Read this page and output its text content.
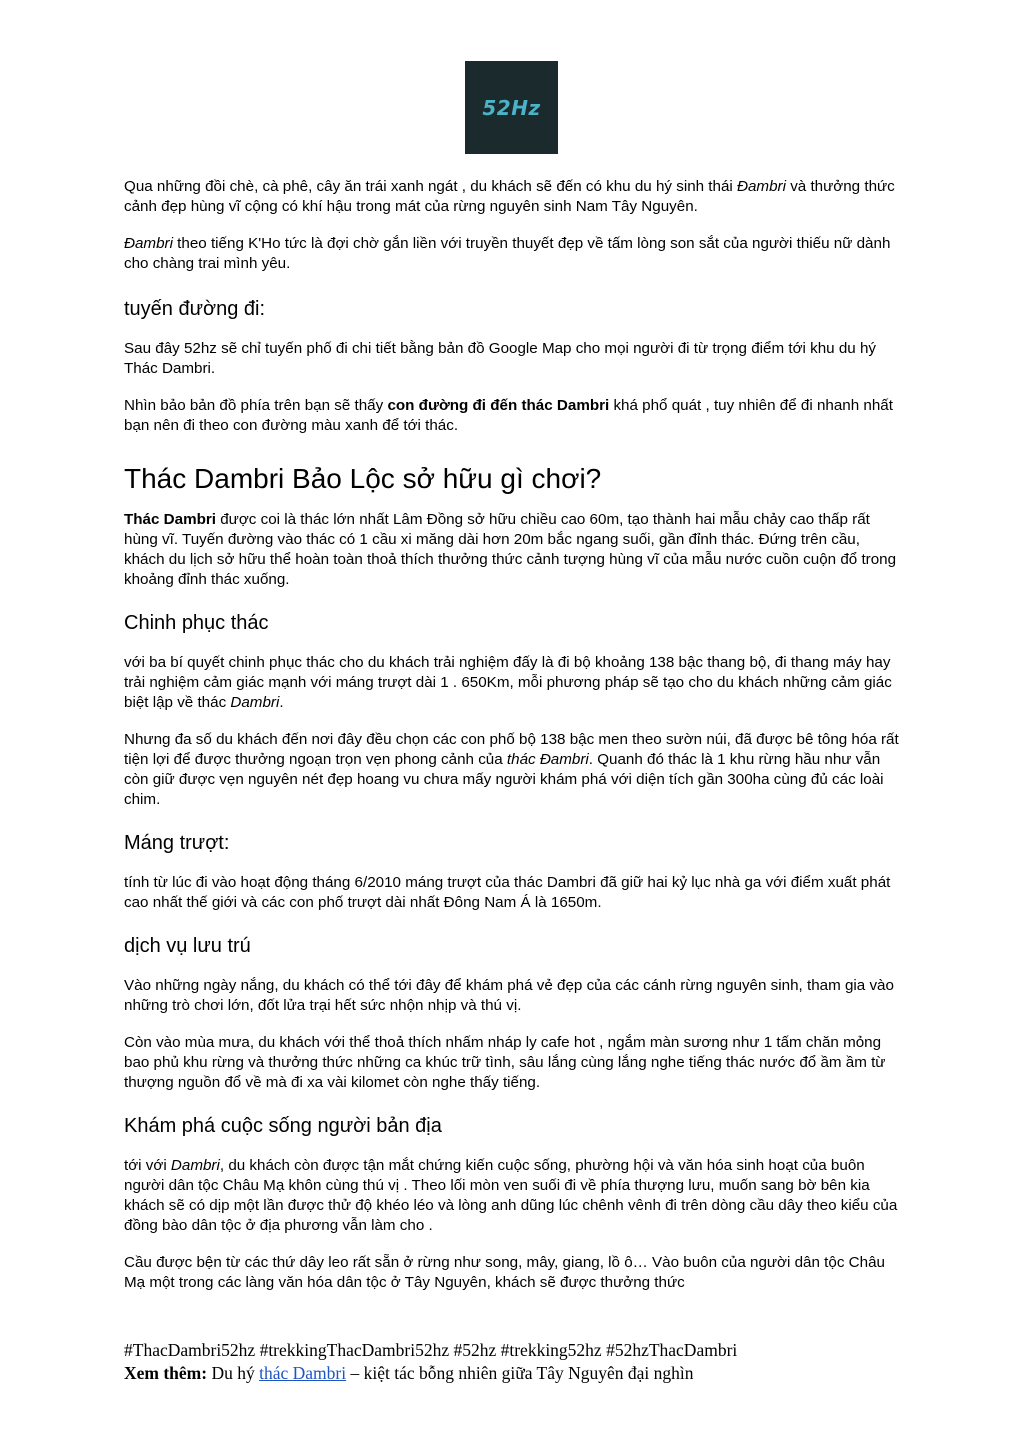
52Hz

Qua những đồi chè, cà phê, cây ăn trái xanh ngát , du khách sẽ đến có khu du hý sinh thái Đambri và thưởng thức cảnh đẹp hùng vĩ cộng có khí hậu trong mát của rừng nguyên sinh Nam Tây Nguyên.

Đambri theo tiếng K'Ho tức là đợi chờ gắn liền với truyền thuyết đẹp về tấm lòng son sắt của người thiếu nữ dành cho chàng trai mình yêu.

tuyến đường đi:

Sau đây 52hz sẽ chỉ tuyến phố đi chi tiết bằng bản đồ Google Map cho mọi người đi từ trọng điểm tới khu du hý Thác Dambri.

Nhìn bảo bản đồ phía trên bạn sẽ thấy con đường đi đến thác Dambri khá phổ quát , tuy nhiên để đi nhanh nhất bạn nên đi theo con đường màu xanh để tới thác.

Thác Dambri Bảo Lộc sở hữu gì chơi?

Thác Dambri được coi là thác lớn nhất Lâm Đồng sở hữu chiều cao 60m, tạo thành hai mẫu chảy cao thấp rất hùng vĩ. Tuyến đường vào thác có 1 cầu xi măng dài hơn 20m bắc ngang suối, gần đỉnh thác. Đứng trên cầu, khách du lịch sở hữu thể hoàn toàn thoả thích thưởng thức cảnh tượng hùng vĩ của mẫu nước cuồn cuộn đổ trong khoảng đỉnh thác xuống.

Chinh phục thác

với ba bí quyết chinh phục thác cho du khách trải nghiệm đấy là đi bộ khoảng 138 bậc thang bộ, đi thang máy hay trải nghiệm cảm giác mạnh với máng trượt dài 1 . 650Km, mỗi phương pháp sẽ tạo cho du khách những cảm giác biệt lập về thác Dambri.

Nhưng đa số du khách đến nơi đây đều chọn các con phố bộ 138 bậc men theo sườn núi, đã được bê tông hóa rất tiện lợi để được thưởng ngoạn trọn vẹn phong cảnh của thác Đambri. Quanh đó thác là 1 khu rừng hầu như vẫn còn giữ được vẹn nguyên nét đẹp hoang vu chưa mấy người khám phá với diện tích gần 300ha cùng đủ các loài chim.

Máng trượt:

tính từ lúc đi vào hoạt động tháng 6/2010 máng trượt của thác Dambri đã giữ hai kỷ lục nhà ga với điểm xuất phát cao nhất thế giới và các con phố trượt dài nhất Đông Nam Á là 1650m.

dịch vụ lưu trú

Vào những ngày nắng, du khách có thể tới đây để khám phá vẻ đẹp của các cánh rừng nguyên sinh, tham gia vào những trò chơi lớn, đốt lửa trại hết sức nhộn nhịp và thú vị.

Còn vào mùa mưa, du khách với thể thoả thích nhấm nháp ly cafe hot , ngắm màn sương như 1 tấm chăn mỏng bao phủ khu rừng và thưởng thức những ca khúc trữ tình, sâu lắng cùng lắng nghe tiếng thác nước đổ ầm ầm từ thượng nguồn đổ về mà đi xa vài kilomet còn nghe thấy tiếng.

Khám phá cuộc sống người bản địa

tới với Dambri, du khách còn được tận mắt chứng kiến cuộc sống, phường hội và văn hóa sinh hoạt của buôn người dân tộc Châu Mạ khôn cùng thú vị . Theo lối mòn ven suối đi về phía thượng lưu, muốn sang bờ bên kia khách sẽ có dịp một lần được thử độ khéo léo và lòng anh dũng lúc chênh vênh đi trên dòng cầu dây theo kiểu của đồng bào dân tộc ở địa phương vẫn làm cho .

Cầu được bện từ các thứ dây leo rất sẵn ở rừng như song, mây, giang, lồ ô… Vào buôn của người dân tộc Châu Mạ một trong các làng văn hóa dân tộc ở Tây Nguyên, khách sẽ được thưởng thức

#ThacDambri52hz #trekkingThacDambri52hz #52hz #trekking52hz #52hzThacDambri
Xem thêm: Du hý thác Dambri – kiệt tác bỗng nhiên giữa Tây Nguyên đại nghìn
